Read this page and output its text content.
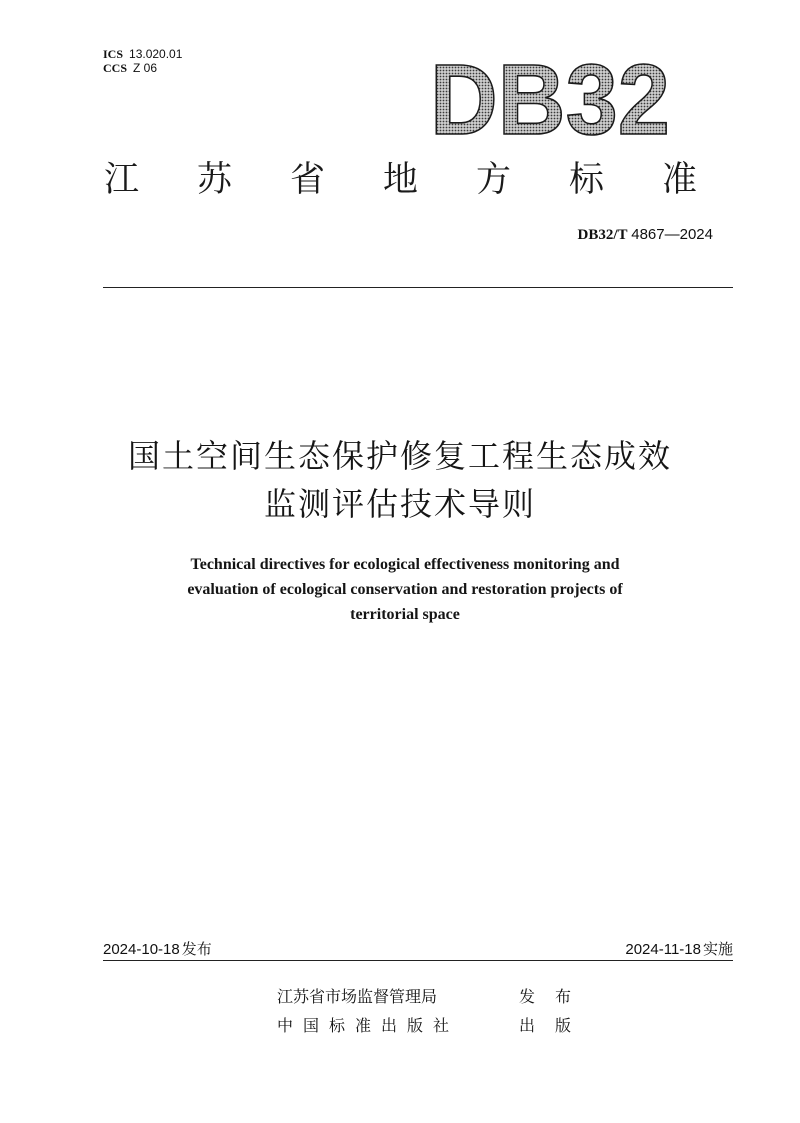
ICS 13.020.01
CCS Z 06	DB32
江苏省地方标准
DB32/T 4867—2024
国土空间生态保护修复工程生态成效
监测评估技术导则
Technical directives for ecological effectiveness monitoring and
evaluation of ecological conservation and restoration projects of
territorial space
2024-10-18 发布	2024-11-18 实施
江苏省市场监督管理局	发布
中国标准出版社	出版
